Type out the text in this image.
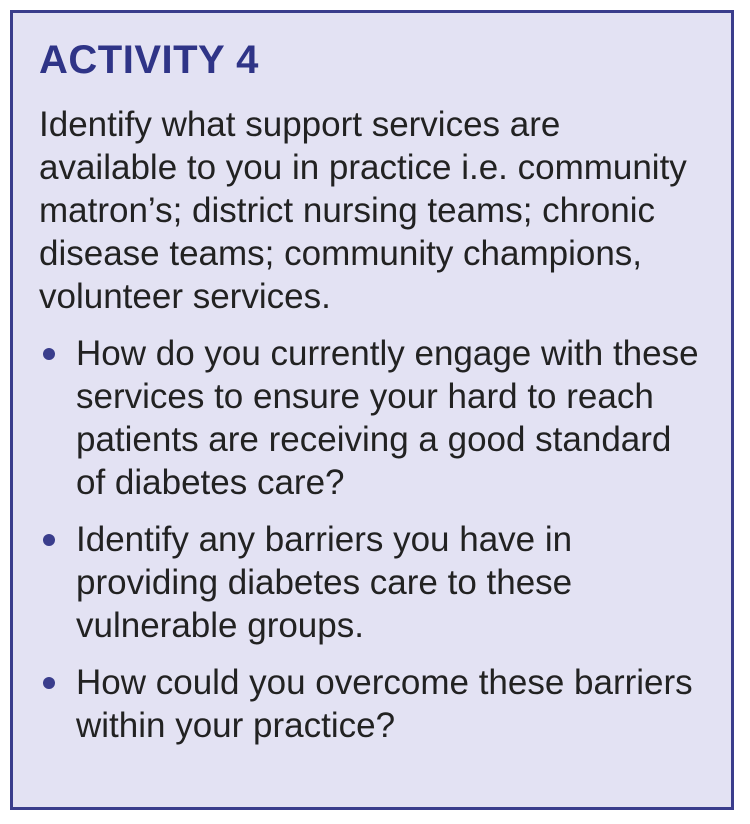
ACTIVITY 4

Identify what support services are available to you in practice i.e. community matron’s; district nursing teams; chronic disease teams; community champions, volunteer services.

How do you currently engage with these services to ensure your hard to reach patients are receiving a good standard of diabetes care?
Identify any barriers you have in providing diabetes care to these vulnerable groups.
How could you overcome these barriers within your practice?
